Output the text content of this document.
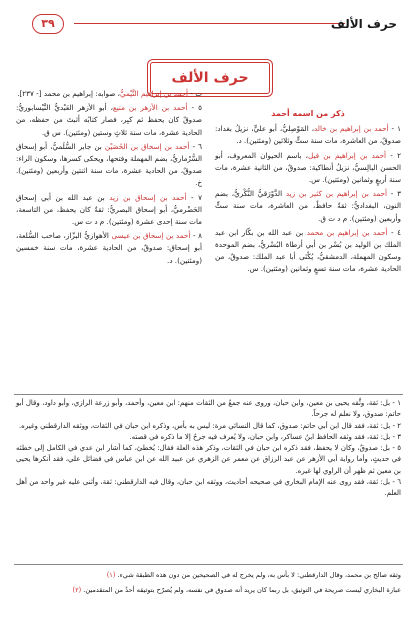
٣٩	حرف الألف
حرف الألف
ذكر من اسمه أحمد
١ - أحمد بن إبراهيم بن خالد، المَوْصِليُّ، أبو عليٍّ، نزيلُ بغداد: صدوقٌ، من العاشرة، مات سنة ستٍّ وثلاثين (ومئتين). د.
٢ - أحمد بن إبراهيم بن فيل، باسم الحيوان المعروف، أبو الحسن البالِسيُّ، نزيلُ أنطاكية: صدوقٌ، من الثانية عشرة، مات سنة أربعٍ وثمانين (ومئتين). س.
٣ - أحمد بن إبراهيم بن كثير بن زيد الدَّوْرَقيُّ النُّكْريُّ، بضم النون، البغداديُّ: ثقةٌ حافظٌ، من العاشرة، مات سنة ستٍّ وأربعين (ومئتين). م د ت ق.
٤ - أحمد بن إبراهيم بن محمد بن عبد الله بن بكّار ابن عبد الملك بن الوليد بن بُسْر بن أبي أرطاة البُسْريُّ، بضم الموحدة وسكون المهملة، الدمشقيُّ، يُكْنَى أبا عبد الملك: صدوقٌ، من الحادية عشرة، مات سنة تسعٍ وثمانين (ومئتين). س.
ت - أحمد بن إبراهيم التَّيْميُّ، صوابه: إبراهيم بن محمد [- ٢٣٧].
٥ - أحمد بن الأزهر بن منيع، أبو الأزهر العَبْديُّ النَّيْسابوريُّ: صدوقٌ كان يحفظ ثم كبِر، فصار كتابُه أثبتَ من حفظه، من الحادية عشرة، مات سنة ثلاثٍ وستين (ومئتين). س ق.
٦ - أحمد بن إسحاق بن الحُصَيْن بن جابر السُّلَميُّ، أبو إسحاق السُّرْماريُّ، بضم المهملة وفتحها، ويحكى كسرها، وسكون الراء: صدوقٌ، من الحادية عشرة، مات سنة اثنتين وأربعين (ومئتين). خ.
٧ - أحمد بن إسحاق بن زيد بن عبد الله بن أبي إسحاق الحَضْرميُّ، أبو إسحاق البصريُّ: ثقةٌ كان يحفظ، من التاسعة، مات سنة إحدى عشرة (ومئتين). م د ت س.
٨ - أحمد بن إسحاق بن عيسى الأهوازيُّ البزّاز، صاحب السُّلعة، أبو إسحاق: صدوقٌ، من الحادية عشرة، مات سنة خمسين (ومئتين). د.
١ - بل: ثقة، وثَّقه يحيى بن معين، وابن حبان، وروى عنه جمعٌ من الثقات منهم: ابن معين، وأحمد، وأبو زرعة الرازي، وأبو داود، وقال أبو حاتم: صدوق، ولا نعلم له جرحاً.
٢ - بل: ثقة، فقد قال ابن أبي حاتم: صدوق، كما قال النسائي مرة: ليس به بأس، وذكره ابن حبان في الثقات، ووثقه الدارقطني وغيره.
٣ - بل: ثقة، فقد وثقه الحافظ ابنُ عساكر، وابن حبان، ولا يُعرف فيه جرحٌ إلا ما ذكره في قصته.
٥ - بل: صدوقٌ، وكان لا يحفظ، فقد ذكره ابن حبان في الثقات، وذكر هذه العلة فقال: يُخطئ، كما أشار ابن عدي في الكامل إلى خطئه في حديثٍ، وأما رواية أبي الأزهر عن عبد الرزاق عن معمر عن الزهري عن عبيد الله عن ابن عباس في فضائل علي، فقد أنكرها يحيى بن معين ثم ظهر أن الراوي لها غيره.
٦ - بل: ثقة، فقد روى عنه الإمام البخاري في صحيحه أحاديث، ووثقه ابن حبان، وقال فيه الدارقطني: ثقة، وأثنى عليه غير واحد من أهل العلم.
وثقه صالح بن محمد، وقال الدارقطني: لا بأس به، ولم يخرج له في الصحيحين من دون هذه الطبقة شيء. (١)
عبارة البخاري ليست صريحة في التوثيق، بل ربما كان يريد أنه صدوق في نفسه، ولم يُصرّح بتوثيقه أحدٌ من المتقدمين. (٢)
